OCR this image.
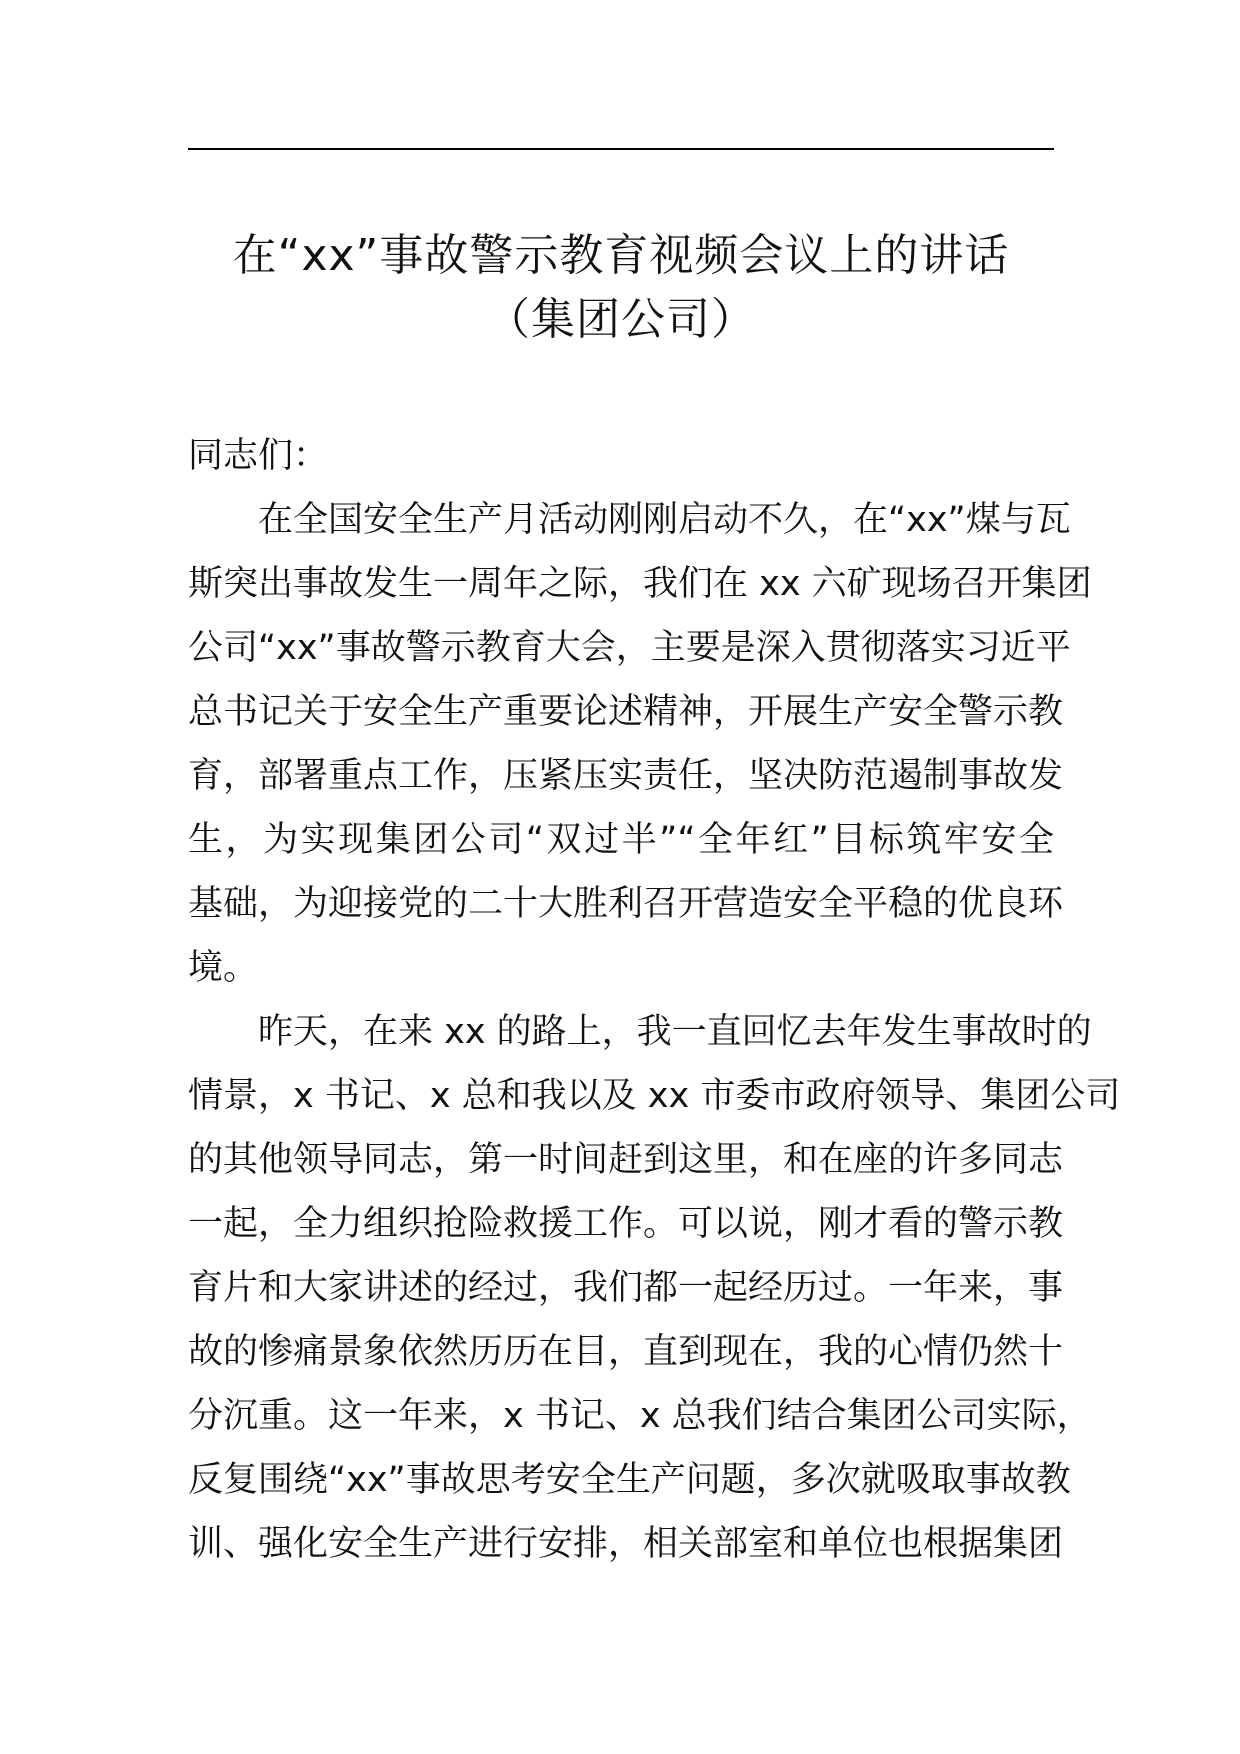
在“xx”事故警示教育视频会议上的讲话
（集团公司）
同志们：
在全国安全生产月活动刚刚启动不久，在“xx”煤与瓦
斯突出事故发生一周年之际，我们在 xx 六矿现场召开集团
公司“xx”事故警示教育大会，主要是深入贯彻落实习近平
总书记关于安全生产重要论述精神，开展生产安全警示教
育，部署重点工作，压紧压实责任，坚决防范遏制事故发
生，为实现集团公司“双过半”“全年红”目标筑牢安全
基础，为迎接党的二十大胜利召开营造安全平稳的优良环
境。
昨天，在来 xx 的路上，我一直回忆去年发生事故时的
情景，x 书记、x 总和我以及 xx 市委市政府领导、集团公司
的其他领导同志，第一时间赶到这里，和在座的许多同志
一起，全力组织抢险救援工作。可以说，刚才看的警示教
育片和大家讲述的经过，我们都一起经历过。一年来，事
故的惨痛景象依然历历在目，直到现在，我的心情仍然十
分沉重。这一年来，x 书记、x 总我们结合集团公司实际，
反复围绕“xx”事故思考安全生产问题，多次就吸取事故教
训、强化安全生产进行安排，相关部室和单位也根据集团
